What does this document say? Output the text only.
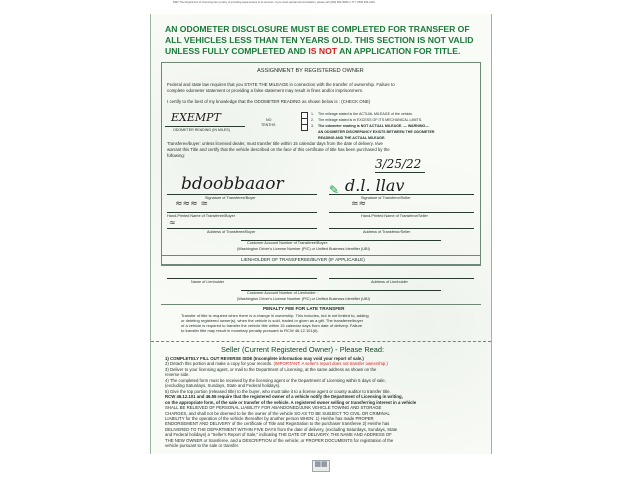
DMV The Department of Licensing has a policy of providing equal access to its services. If you need special accommodation, please call (360) 902-3900 or TTY (360) 664-0116.
AN ODOMETER DISCLOSURE MUST BE COMPLETED FOR TRANSFER OF
ALL VEHICLES LESS THAN TEN YEARS OLD. THIS SECTION IS NOT VALID
UNLESS FULLY COMPLETED AND IS NOT AN APPLICATION FOR TITLE.
ASSIGNMENT BY REGISTERED OWNER
Federal and state law requires that you STATE THE MILEAGE in connection with the transfer of ownership. Failure to
complete odometer statement or providing a false statement may result in fines and/or imprisonment.
I certify to the best of my knowledge that the ODOMETER READING as shown below is : (CHECK ONE)
EXEMPT
ODOMETER READING (IN MILES)
NO
TENTHS
1. The mileage stated is the ACTUAL MILEAGE of the vehicle.
2. The mileage stated is in EXCESS OF ITS MECHANICAL LIMITS.
3. The odometer reading is NOT ACTUAL MILEAGE. — WARNING—
AN ODOMETER DISCREPANCY EXISTS BETWEEN THE ODOMETER
READING AND THE ACTUAL MILEAGE.
Transferee/buyer: unless licensed dealer, must transfer title within 15 calendar days from the date of delivery. I/we
warrant this Title and certify that the vehicle described on the face of this certificate of title has been purchased by the
following:
3/25/22
bdoobbaaor
Signature of Transferee/Buyer
✎ d.l. llav
Signature of Transferor/Seller
≈≈≈ ≃	≃≈
Hand-Printed Name of Transferee/Buyer	Hand-Printed Name of Transferor/Seller
≈
Address of Transferee/Buyer	Address of Transferor/Seller
Customer Account Number of Transferee/Buyer:
(Washington Driver's License Number (PIC) or Unified Business Identifier (UBI)
LIENHOLDER OF TRANSFEREE/BUYER (IF APPLICABLE)
Name of Lienholder	Address of Lienholder
Customer Account Number of Lienholder :
(Washington Driver's License Number (PIC) or Unified Business Identifier (UBI)
PENALTY FEE FOR LATE TRANSFER
Transfer of title is required when there is a change in ownership. This includes, but is not limited to, adding
or deleting registered owner(s), when the vehicle is sold, traded or given as a gift. The transferee/buyer
of a vehicle is required to transfer the vehicle title within 15 calendar days from date of delivery. Failure
to transfer title may result in monetary penalty pursuant to RCW 46.12.101(6).
Seller (Current Registered Owner) - Please Read:
1) COMPLETELY FILL OUT REVERSE SIDE (Incomplete information may void your report of sale.)
2) Detach this portion and make a copy for your records. (IMPORTANT: A seller's report does not transfer ownership.)
3) Deliver to your licensing agent, or mail to the Department of Licensing, at the same address as shown on the
reverse side.
4) The completed form must be received by the licensing agent or the Department of Licensing within 5 days of sale,
(excluding Saturdays, Sundays, State and Federal holidays).
5) Give the top portion (released title) to the buyer, who must take it to a license agent or county auditor to transfer title.
RCW 46.12.101 and 46.55 require that the registered owner of a vehicle notify the Department of Licensing in writing,
on the appropriate form, of the sale or transfer of the vehicle. A registered owner selling or transferring interest in a vehicle
SHALL BE RELIEVED OF PERSONAL LIABILITY FOR ABANDONED/JUNK VEHICLE TOWING AND STORAGE
CHARGES, and shall not be deemed to be the owner of the vehicle SO AS TO BE SUBJECT TO CIVIL OR CRIMINAL
LIABILITY for the operation of the vehicle thereafter by another person WHEN: 1) He/she has made PROPER
ENDORSEMENT AND DELIVERY of the certificate of Title and Registration to the purchaser transferee 2) He/she has
DELIVERED TO THE DEPARTMENT WITHIN FIVE DAYS from the date of delivery, (excluding Saturdays, Sundays, State
and Federal holidays) a "Seller's Report of Sale," indicating THE DATE OF DELIVERY, THE NAME AND ADDRESS OF
THE NEW OWNER or transferee, and a DESCRIPTION of the vehicle; or PROPER DOCUMENTS for registration of the
vehicle pursuant to the sale or transfer.
▦▦
